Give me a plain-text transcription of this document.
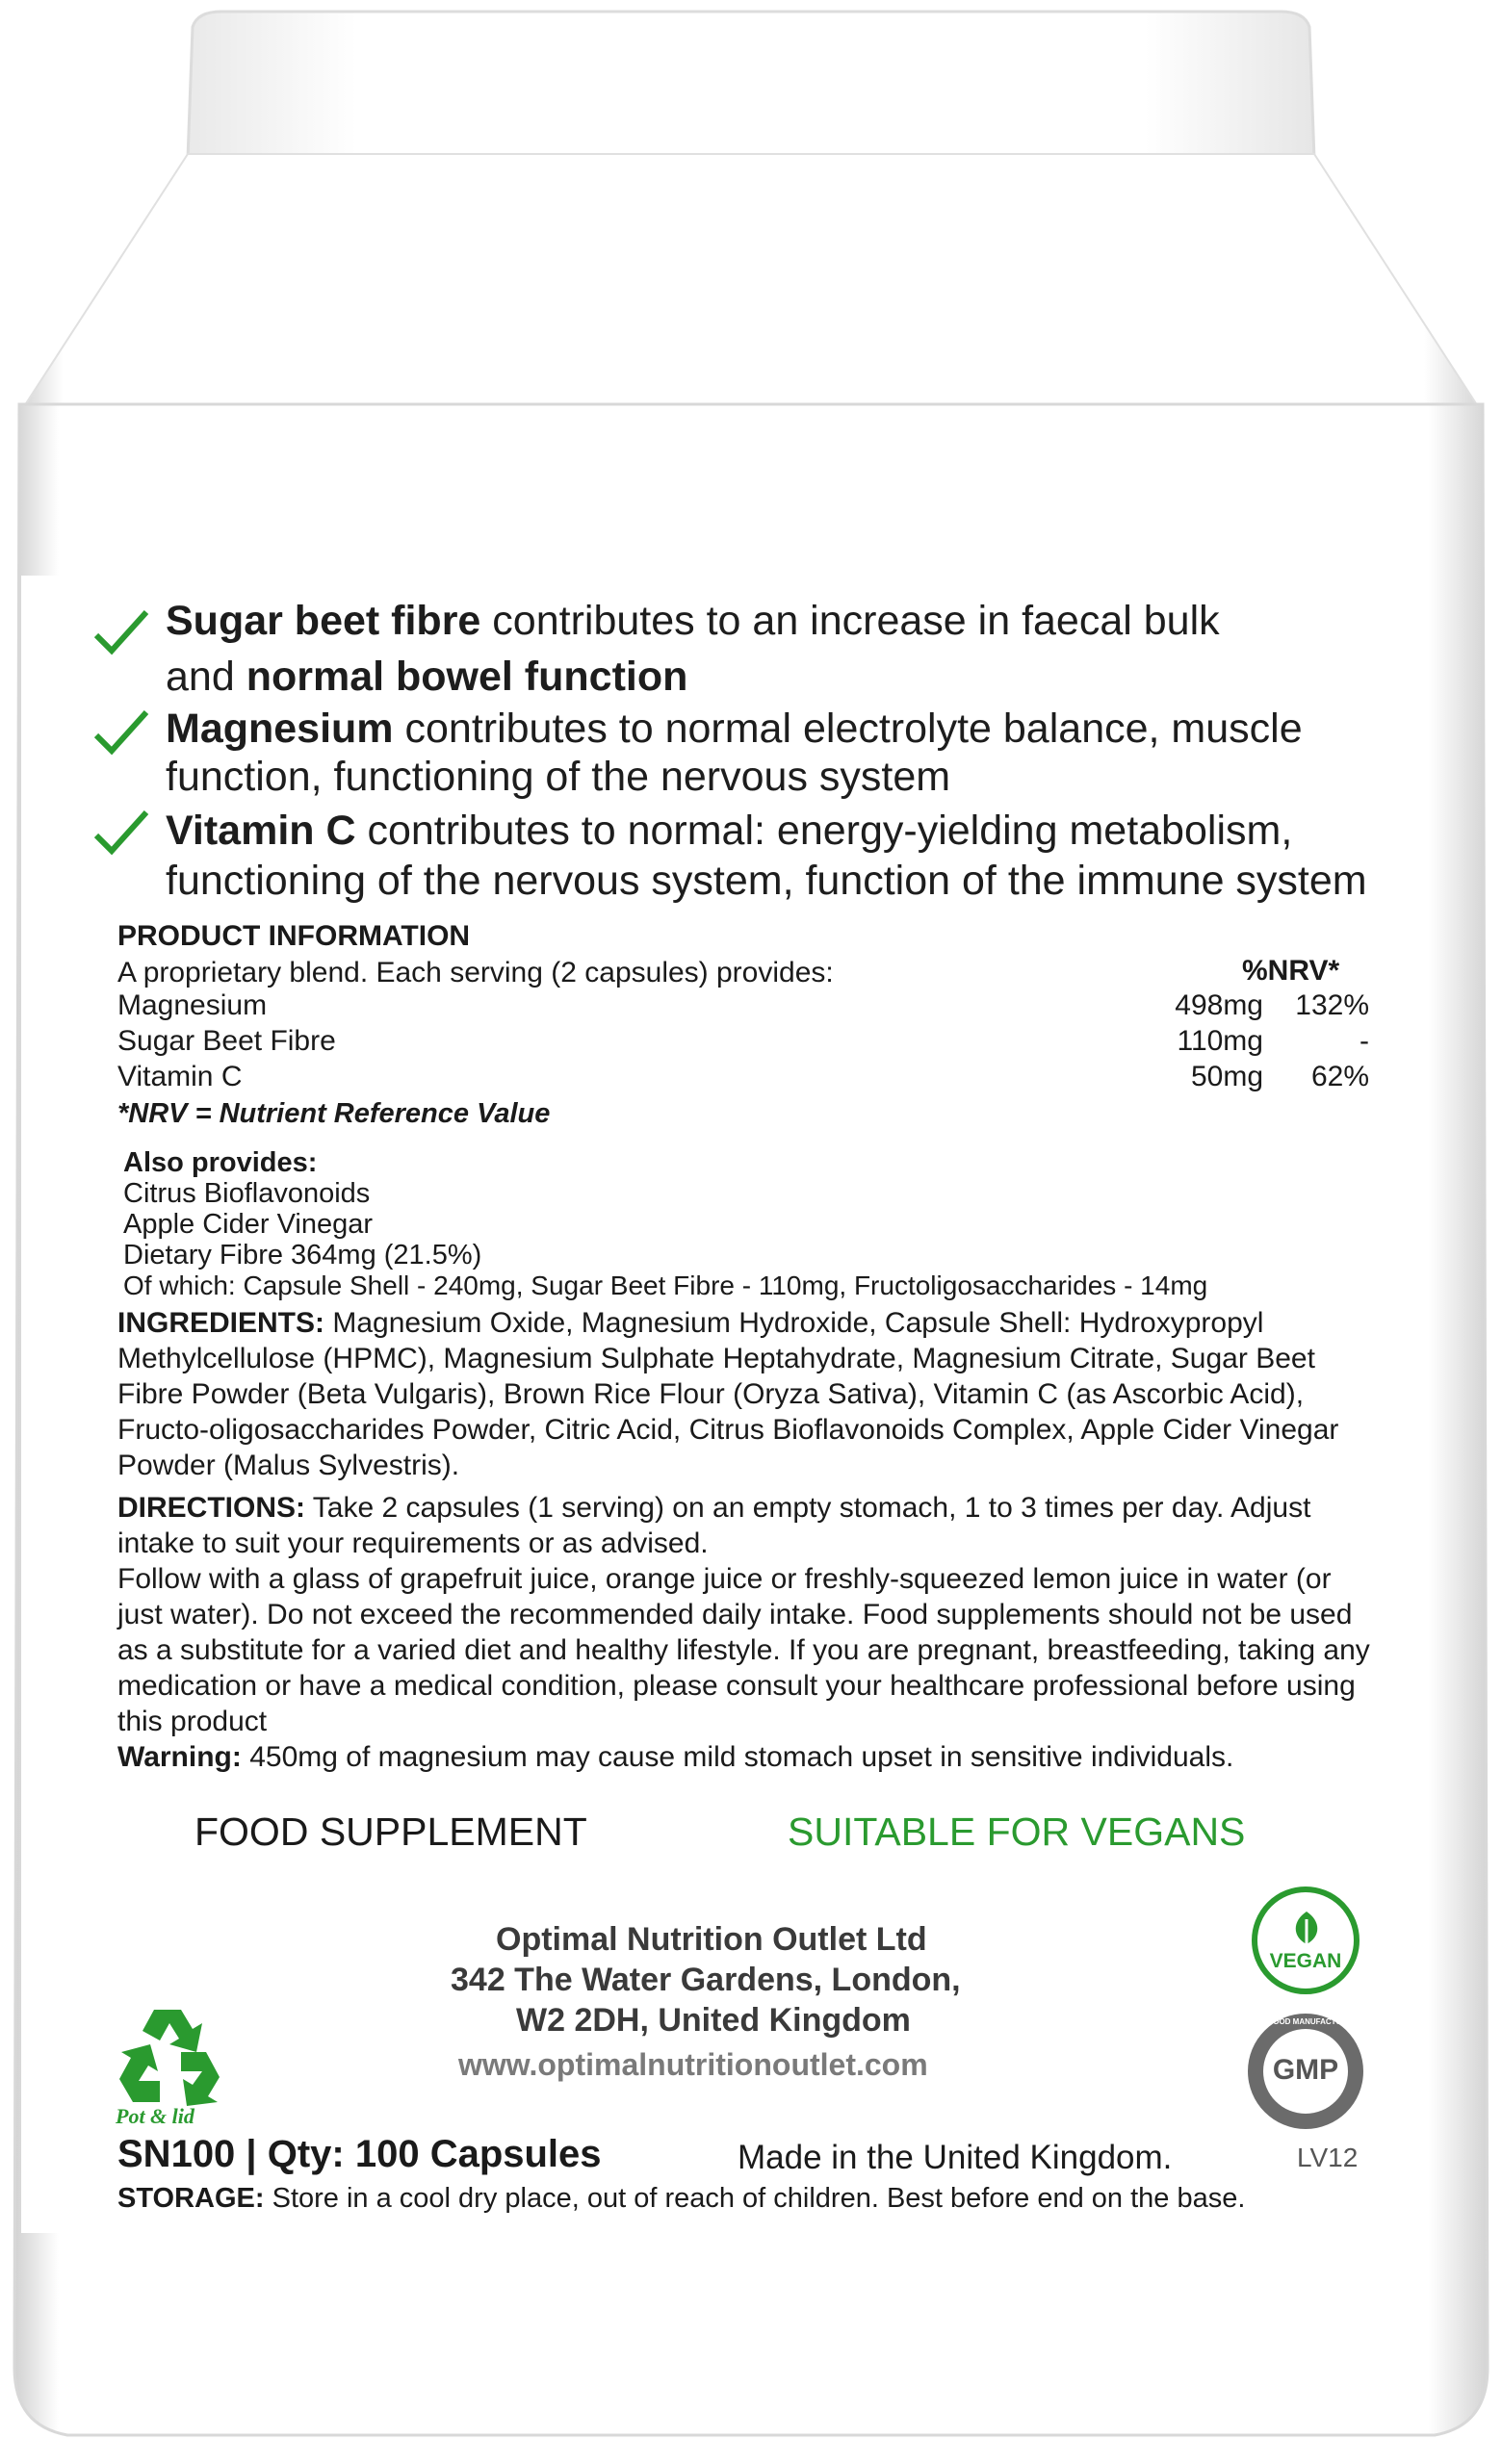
Sugar beet fibre contributes to an increase in faecal bulk
and normal bowel function
Magnesium contributes to normal electrolyte balance, muscle
function, functioning of the nervous system
Vitamin C contributes to normal: energy-yielding metabolism,
functioning of the nervous system, function of the immune system
PRODUCT INFORMATION
A proprietary blend. Each serving (2 capsules) provides:	%NRV*
Magnesium	498mg 132%
Sugar Beet Fibre	110mg	-
Vitamin C	50mg 62%
*NRV = Nutrient Reference Value
Also provides:
Citrus Bioflavonoids
Apple Cider Vinegar
Dietary Fibre 364mg (21.5%)
Of which: Capsule Shell - 240mg, Sugar Beet Fibre - 110mg, Fructoligosaccharides - 14mg
INGREDIENTS: Magnesium Oxide, Magnesium Hydroxide, Capsule Shell: Hydroxypropyl Methylcellulose (HPMC), Magnesium Sulphate Heptahydrate, Magnesium Citrate, Sugar Beet Fibre Powder (Beta Vulgaris), Brown Rice Flour (Oryza Sativa), Vitamin C (as Ascorbic Acid), Fructo-oligosaccharides Powder, Citric Acid, Citrus Bioflavonoids Complex, Apple Cider Vinegar Powder (Malus Sylvestris).
DIRECTIONS: Take 2 capsules (1 serving) on an empty stomach, 1 to 3 times per day. Adjust intake to suit your requirements or as advised.
Follow with a glass of grapefruit juice, orange juice or freshly-squeezed lemon juice in water (or just water). Do not exceed the recommended daily intake. Food supplements should not be used as a substitute for a varied diet and healthy lifestyle. If you are pregnant, breastfeeding, taking any medication or have a medical condition, please consult your healthcare professional before using this product
Warning: 450mg of magnesium may cause mild stomach upset in sensitive individuals.
FOOD SUPPLEMENT	SUITABLE FOR VEGANS
Optimal Nutrition Outlet Ltd
342 The Water Gardens, London,
W2 2DH, United Kingdom
www.optimalnutritionoutlet.com
Pot & lid
VEGAN
GOOD MANUFACTURING PRACTICE
GMP
SN100 | Qty: 100 Capsules	Made in the United Kingdom.	LV12
STORAGE: Store in a cool dry place, out of reach of children. Best before end on the base.
